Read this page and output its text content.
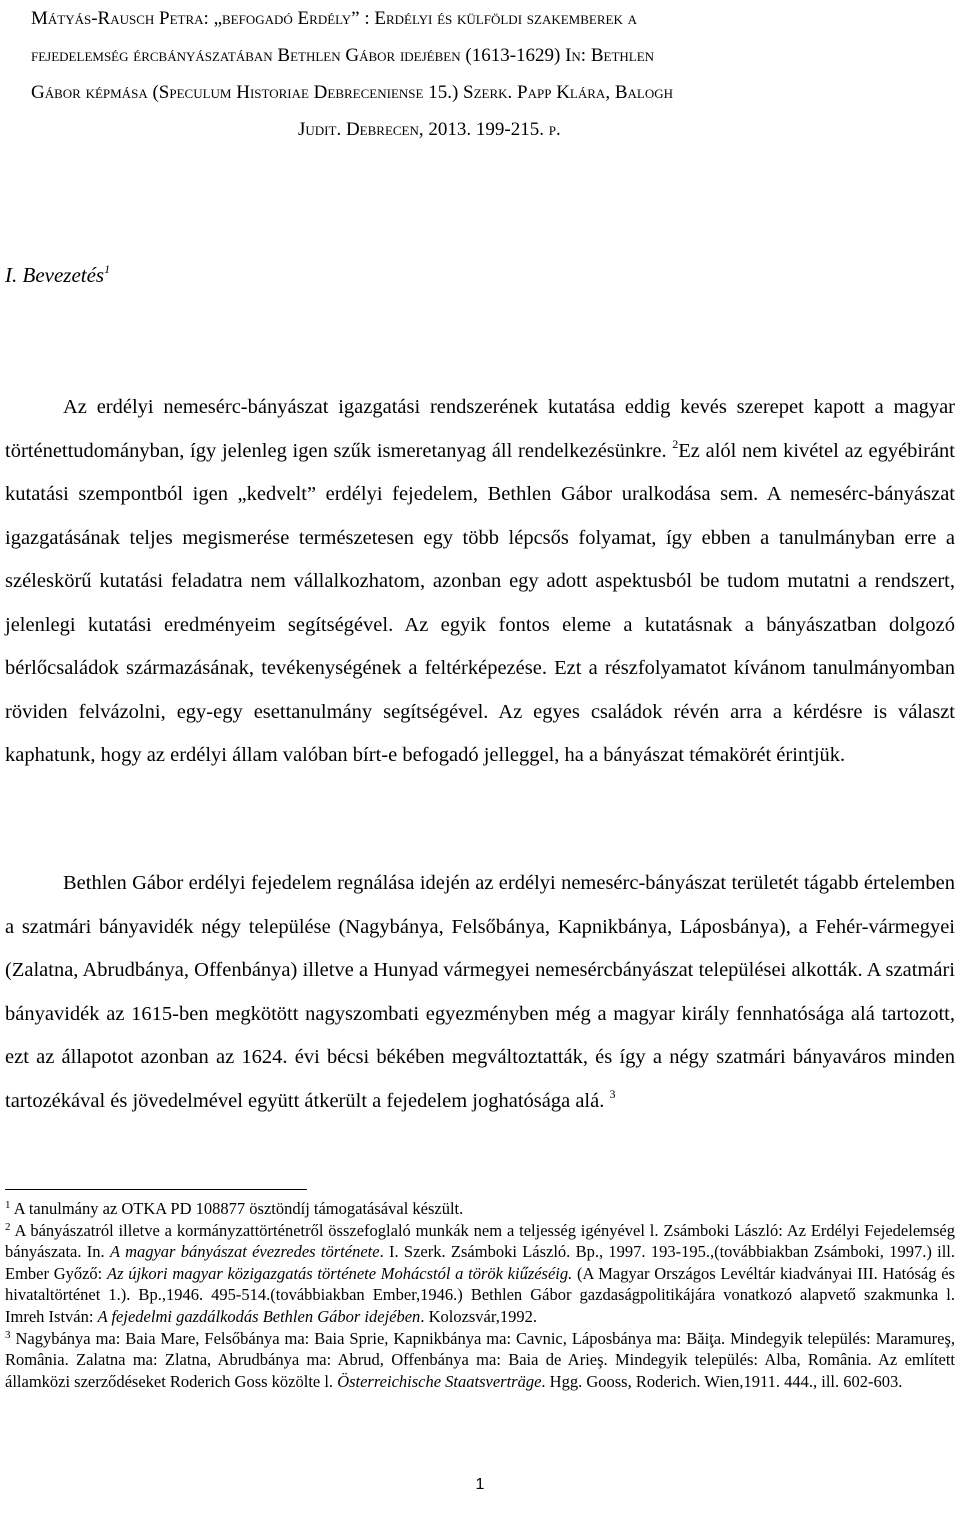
Mátyás-Rausch Petra: „befogadó Erdély” : Erdélyi és külföldi szakemberek a
fejedelemség ércbányászatában Bethlen Gábor idejében (1613-1629) In: Bethlen
Gábor képmása (Speculum Historiae Debreceniense 15.) Szerk. Papp Klára, Balogh
Judit. Debrecen, 2013. 199-215. p.
I. Bevezetés$^1$
Az erdélyi nemesérc-bányászat igazgatási rendszerének kutatása eddig kevés szerepet kapott a magyar történettudományban, így jelenleg igen szűk ismeretanyag áll rendelkezésünkre. $^2$Ez alól nem kivétel az egyébiránt kutatási szempontból igen „kedvelt” erdélyi fejedelem, Bethlen Gábor uralkodása sem. A nemesérc-bányászat igazgatásának teljes megismerése természetesen egy több lépcsős folyamat, így ebben a tanulmányban erre a széleskörű kutatási feladatra nem vállalkozhatom, azonban egy adott aspektusból be tudom mutatni a rendszert, jelenlegi kutatási eredményeim segítségével. Az egyik fontos eleme a kutatásnak a bányászatban dolgozó bérlőcsaládok származásának, tevékenységének a feltérképezése. Ezt a részfolyamatot kívánom tanulmányomban röviden felvázolni, egy-egy esettanulmány segítségével. Az egyes családok révén arra a kérdésre is választ kaphatunk, hogy az erdélyi állam valóban bírt-e befogadó jelleggel, ha a bányászat témakörét érintjük.
Bethlen Gábor erdélyi fejedelem regnálása idején az erdélyi nemesérc-bányászat területét tágabb értelemben a szatmári bányavidék négy települése (Nagybánya, Felsőbánya, Kapnikbánya, Láposbánya), a Fehér-vármegyei (Zalatna, Abrudbánya, Offenbánya) illetve a Hunyad vármegyei nemesércbányászat települései alkották. A szatmári bányavidék az 1615-ben megkötött nagyszombati egyezményben még a magyar király fennhatósága alá tartozott, ezt az állapotot azonban az 1624. évi bécsi békében megváltoztatták, és így a négy szatmári bányaváros minden tartozékával és jövedelmével együtt átkerült a fejedelem joghatósága alá. $^3$

$^1$ A tanulmány az OTKA PD 108877 ösztöndíj támogatásával készült.

$^2$ A bányászatról illetve a kormányzattörténetről összefoglaló munkák nem a teljesség igényével l. Zsámboki László: Az Erdélyi Fejedelemség bányászata. In. A magyar bányászat évezredes története. I. Szerk. Zsámboki László. Bp., 1997. 193-195.,(továbbiakban Zsámboki, 1997.) ill. Ember Győző: Az újkori magyar közigazgatás története Mohácstól a török kiűzéséig. (A Magyar Országos Levéltár kiadványai III. Hatóság és hivataltörténet 1.). Bp.,1946. 495-514.(továbbiakban Ember,1946.) Bethlen Gábor gazdaságpolitikájára vonatkozó alapvető szakmunka l. Imreh István: A fejedelmi gazdálkodás Bethlen Gábor idejében. Kolozsvár,1992.

$^3$ Nagybánya ma: Baia Mare, Felsőbánya ma: Baia Sprie, Kapnikbánya ma: Cavnic, Láposbánya ma: Băiţa. Mindegyik település: Maramureş, România. Zalatna ma: Zlatna, Abrudbánya ma: Abrud, Offenbánya ma: Baia de Arieş. Mindegyik település: Alba, România. Az említett államközi szerződéseket Roderich Goss közölte l. Österreichische Staatsverträge. Hgg. Gooss, Roderich. Wien,1911. 444., ill. 602-603.

1
